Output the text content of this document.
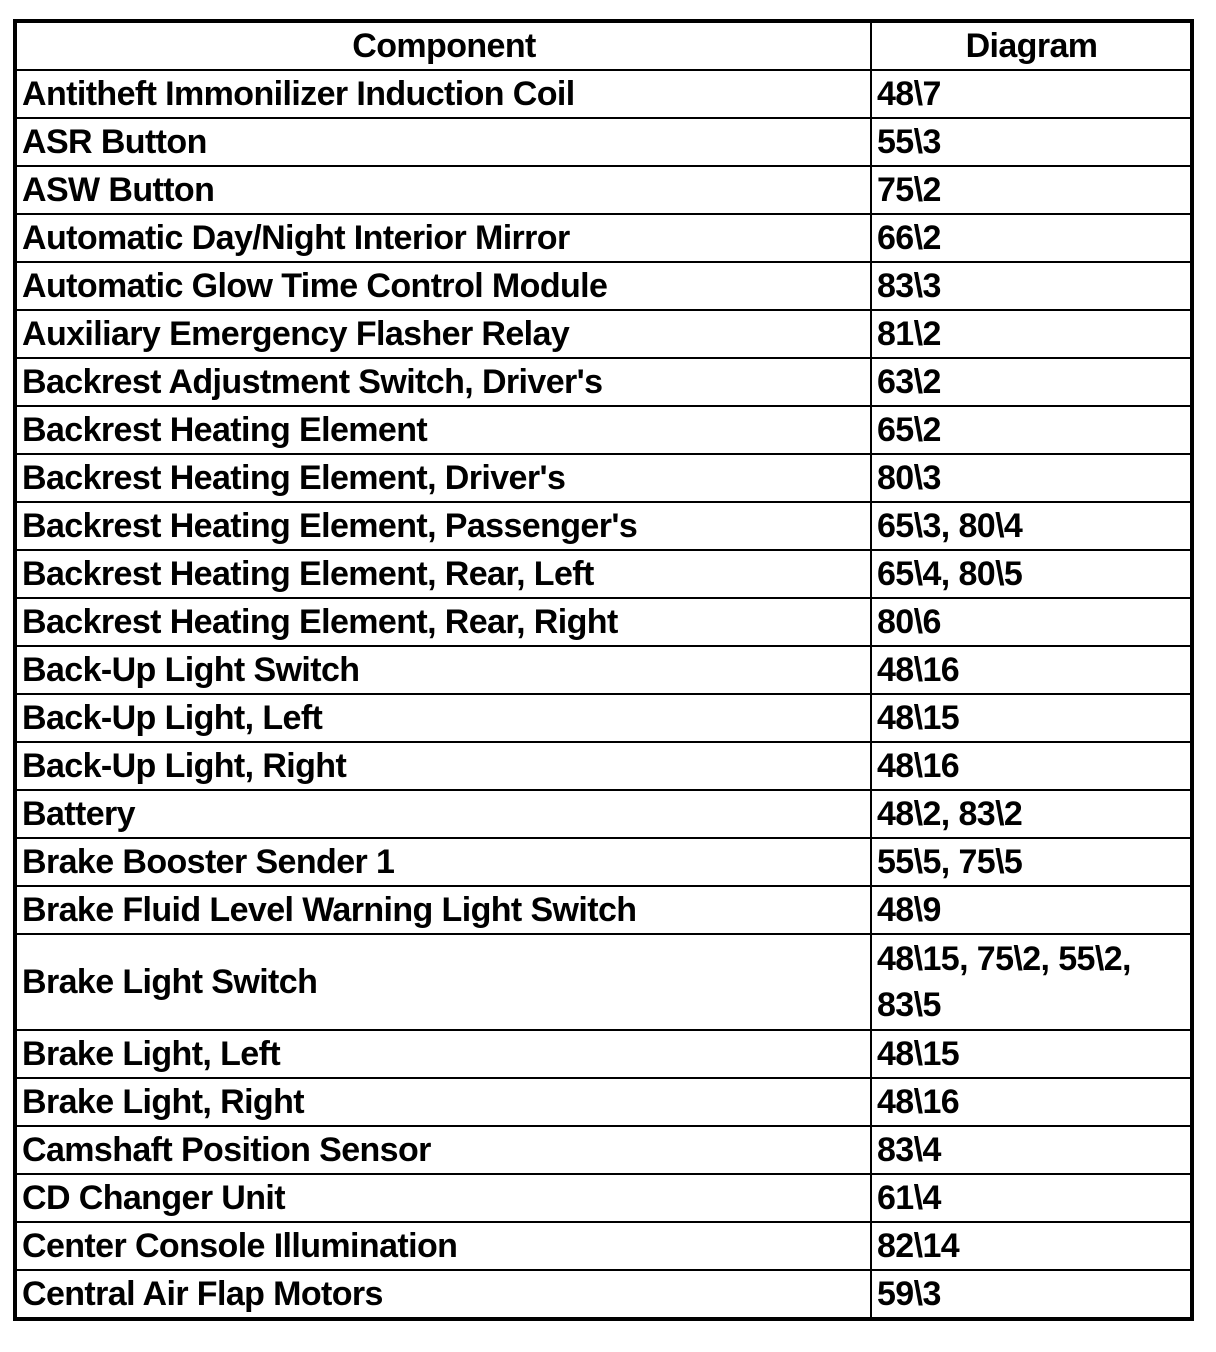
Component	Diagram
Antitheft Immonilizer Induction Coil	48\7
ASR Button	55\3
ASW Button	75\2
Automatic Day/Night Interior Mirror	66\2
Automatic Glow Time Control Module	83\3
Auxiliary Emergency Flasher Relay	81\2
Backrest Adjustment Switch, Driver's	63\2
Backrest Heating Element	65\2
Backrest Heating Element, Driver's	80\3
Backrest Heating Element, Passenger's	65\3, 80\4
Backrest Heating Element, Rear, Left	65\4, 80\5
Backrest Heating Element, Rear, Right	80\6
Back-Up Light Switch	48\16
Back-Up Light, Left	48\15
Back-Up Light, Right	48\16
Battery	48\2, 83\2
Brake Booster Sender 1	55\5, 75\5
Brake Fluid Level Warning Light Switch	48\9
Brake Light Switch	48\15, 75\2, 55\2, 83\5
Brake Light, Left	48\15
Brake Light, Right	48\16
Camshaft Position Sensor	83\4
CD Changer Unit	61\4
Center Console Illumination	82\14
Central Air Flap Motors	59\3
